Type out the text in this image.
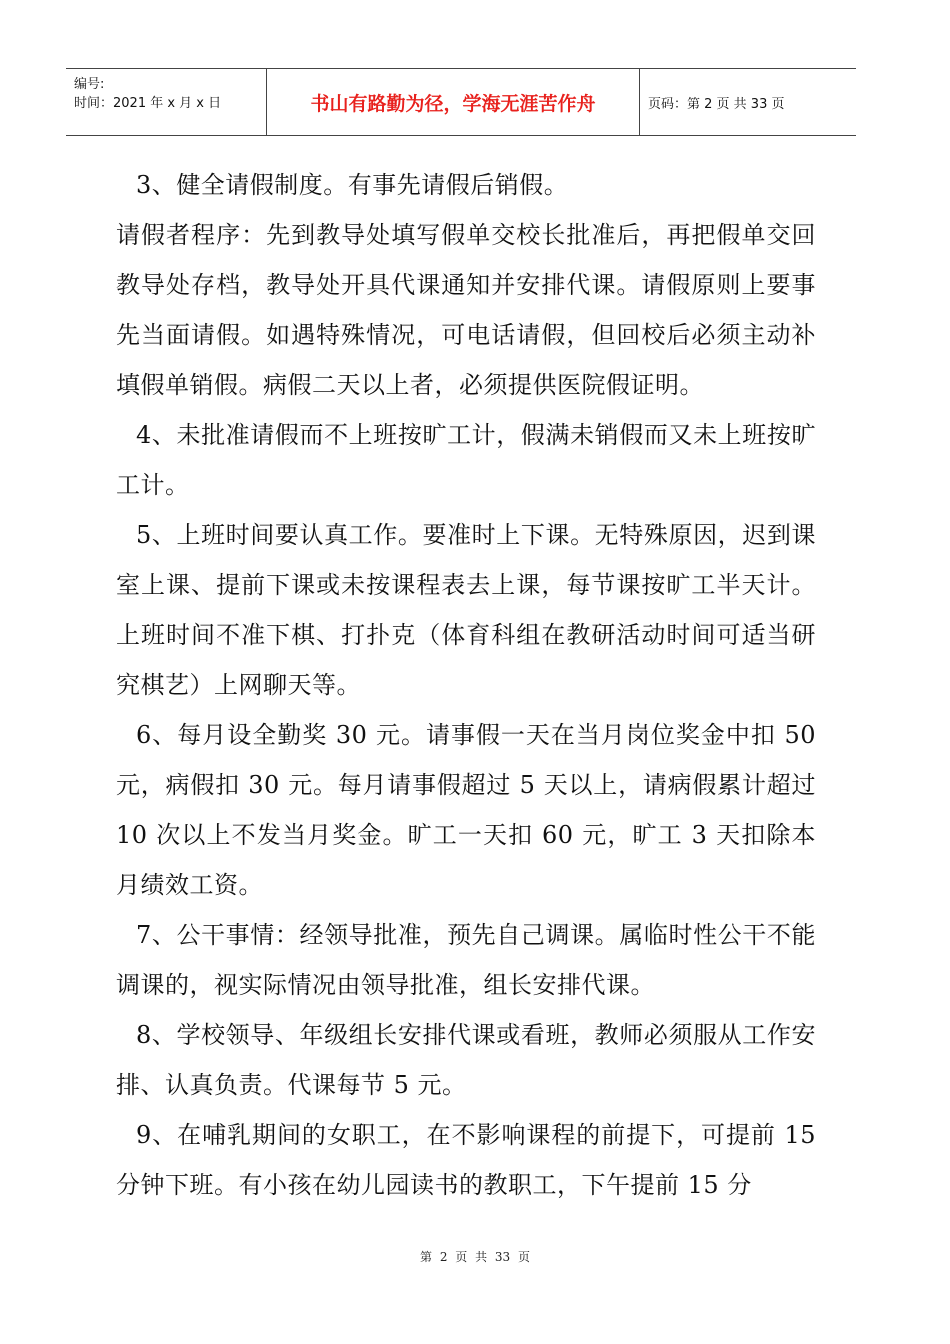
编号:
时间：2021 年 x 月 x 日	书山有路勤为径，学海无涯苦作舟	页码：第 2 页 共 33 页

3、健全请假制度。有事先请假后销假。

请假者程序：先到教导处填写假单交校长批准后，再把假单交回教导处存档，教导处开具代课通知并安排代课。请假原则上要事先当面请假。如遇特殊情况，可电话请假，但回校后必须主动补填假单销假。病假二天以上者，必须提供医院假证明。

4、未批准请假而不上班按旷工计，假满未销假而又未上班按旷工计。

5、上班时间要认真工作。要准时上下课。无特殊原因，迟到课室上课、提前下课或未按课程表去上课，每节课按旷工半天计。上班时间不准下棋、打扑克（体育科组在教研活动时间可适当研究棋艺）上网聊天等。

6、每月设全勤奖 30 元。请事假一天在当月岗位奖金中扣 50 元，病假扣 30 元。每月请事假超过 5 天以上，请病假累计超过 10 次以上不发当月奖金。旷工一天扣 60 元，旷工 3 天扣除本月绩效工资。

7、公干事情：经领导批准，预先自己调课。属临时性公干不能调课的，视实际情况由领导批准，组长安排代课。

8、学校领导、年级组长安排代课或看班，教师必须服从工作安排、认真负责。代课每节 5 元。

9、在哺乳期间的女职工，在不影响课程的前提下，可提前 15 分钟下班。有小孩在幼儿园读书的教职工，下午提前 15 分

第 2 页 共 33 页
